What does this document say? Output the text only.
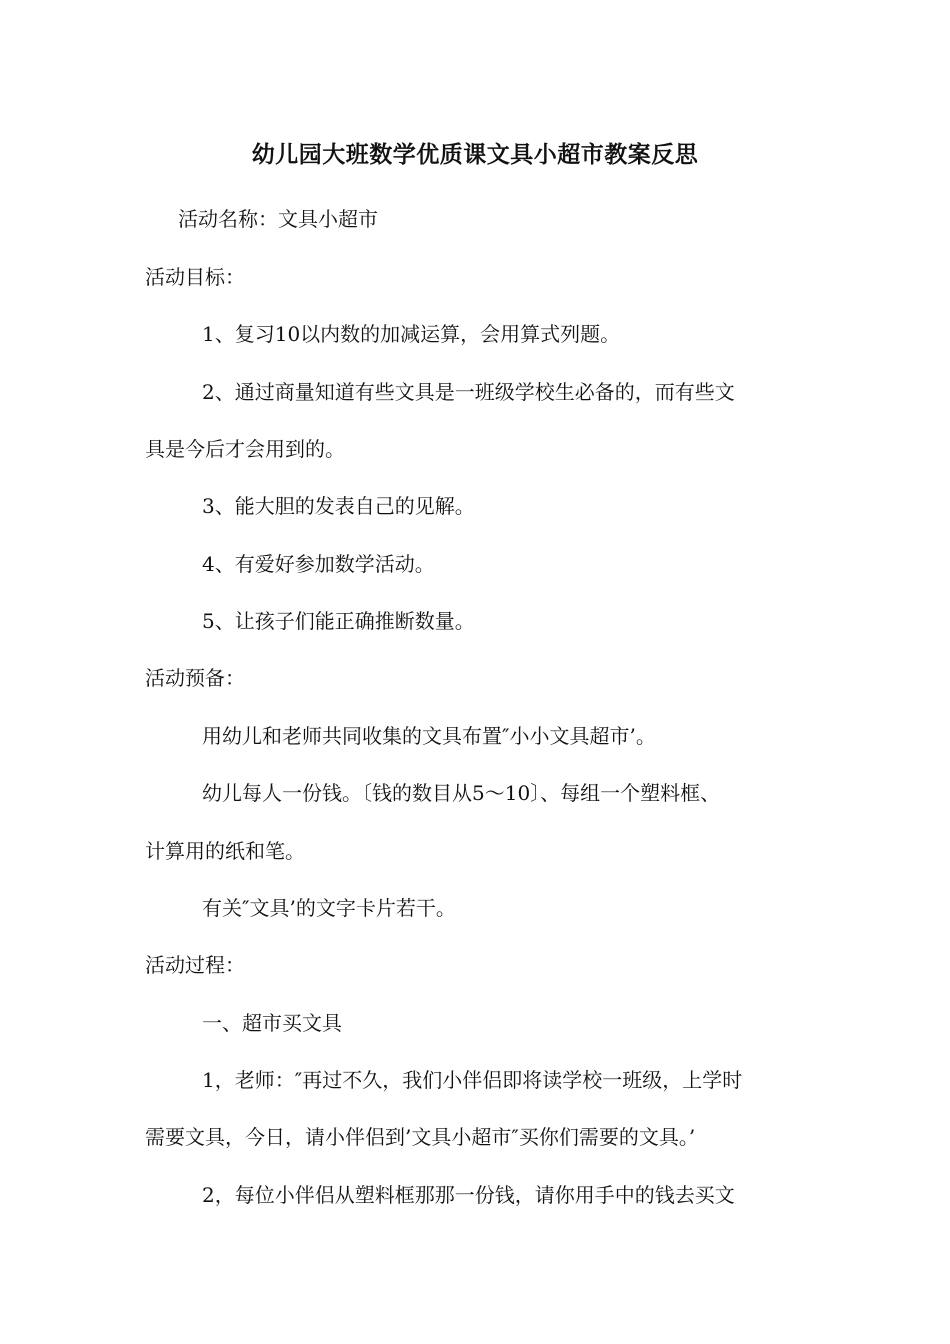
幼儿园大班数学优质课文具小超市教案反思
活动名称：文具小超市
活动目标：
1、复习10以内数的加减运算，会用算式列题。
2、通过商量知道有些文具是一班级学校生必备的，而有些文
具是今后才会用到的。
3、能大胆的发表自己的见解。
4、有爱好参加数学活动。
5、让孩子们能正确推断数量。
活动预备：
用幼儿和老师共同收集的文具布置″小小文具超市’。
幼儿每人一份钱。〔钱的数目从5～10〕、每组一个塑料框、
计算用的纸和笔。
有关″文具’的文字卡片若干。
活动过程：
一、超市买文具
1，老师：″再过不久，我们小伴侣即将读学校一班级，上学时
需要文具，今日，请小伴侣到’文具小超市″买你们需要的文具。’
2，每位小伴侣从塑料框那那一份钱，请你用手中的钱去买文
